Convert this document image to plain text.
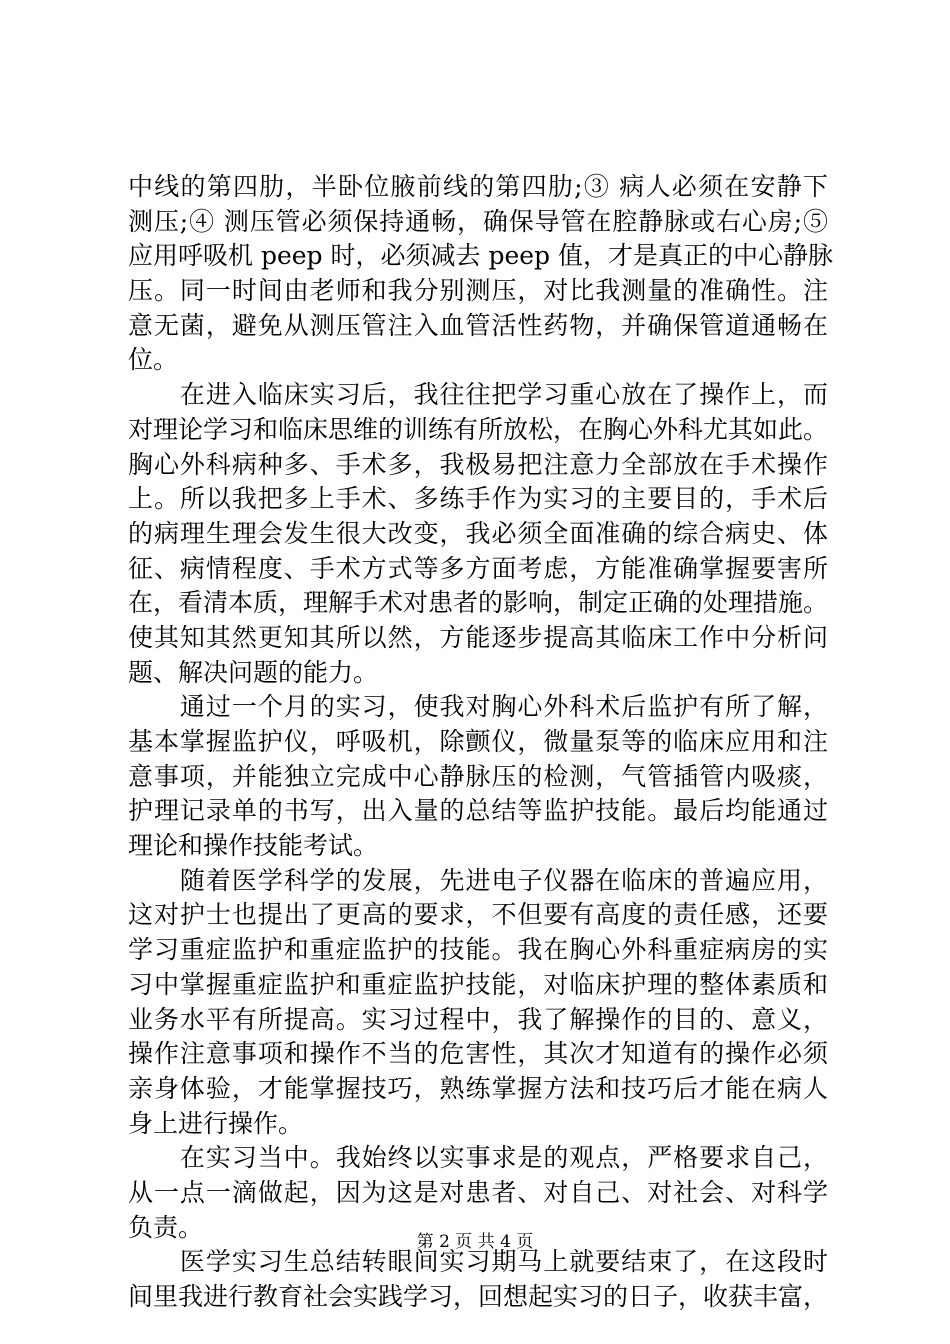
中线的第四肋，半卧位腋前线的第四肋;③ 病人必须在安静下
测压;④ 测压管必须保持通畅，确保导管在腔静脉或右心房;⑤
应用呼吸机 peep 时，必须减去 peep 值，才是真正的中心静脉
压。同一时间由老师和我分别测压，对比我测量的准确性。注
意无菌，避免从测压管注入血管活性药物，并确保管道通畅在
位。
　　在进入临床实习后，我往往把学习重心放在了操作上，而
对理论学习和临床思维的训练有所放松，在胸心外科尤其如此。
胸心外科病种多、手术多，我极易把注意力全部放在手术操作
上。所以我把多上手术、多练手作为实习的主要目的，手术后
的病理生理会发生很大改变，我必须全面准确的综合病史、体
征、病情程度、手术方式等多方面考虑，方能准确掌握要害所
在，看清本质，理解手术对患者的影响，制定正确的处理措施。
使其知其然更知其所以然，方能逐步提高其临床工作中分析问
题、解决问题的能力。
　　通过一个月的实习，使我对胸心外科术后监护有所了解，
基本掌握监护仪，呼吸机，除颤仪，微量泵等的临床应用和注
意事项，并能独立完成中心静脉压的检测，气管插管内吸痰，
护理记录单的书写，出入量的总结等监护技能。最后均能通过
理论和操作技能考试。
　　随着医学科学的发展，先进电子仪器在临床的普遍应用，
这对护士也提出了更高的要求，不但要有高度的责任感，还要
学习重症监护和重症监护的技能。我在胸心外科重症病房的实
习中掌握重症监护和重症监护技能，对临床护理的整体素质和
业务水平有所提高。实习过程中，我了解操作的目的、意义，
操作注意事项和操作不当的危害性，其次才知道有的操作必须
亲身体验，才能掌握技巧，熟练掌握方法和技巧后才能在病人
身上进行操作。
　　在实习当中。我始终以实事求是的观点，严格要求自己，
从一点一滴做起，因为这是对患者、对自己、对社会、对科学
负责。
　　医学实习生总结转眼间实习期马上就要结束了，在这段时
间里我进行教育社会实践学习，回想起实习的日子，收获丰富，
第 2 页 共 4 页
